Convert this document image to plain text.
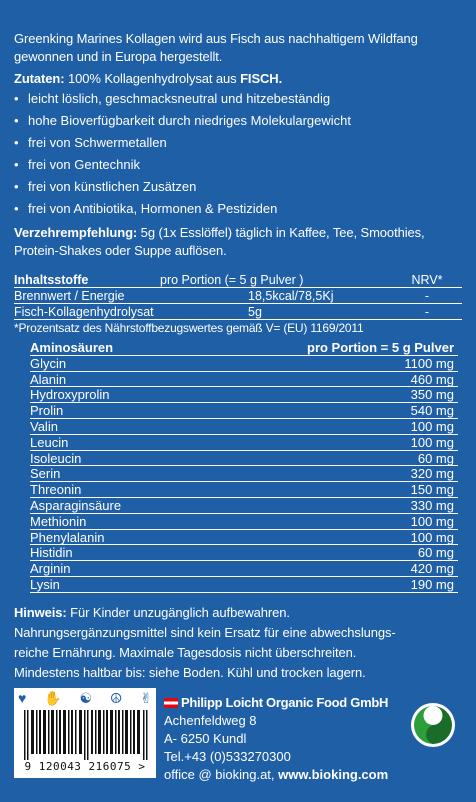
Greenking Marines Kollagen wird aus Fisch aus nachhaltigem Wildfang gewonnen und in Europa hergestellt.

Zutaten: 100% Kollagenhydrolysat aus FISCH.

• leicht löslich, geschmacksneutral und hitzebeständig
• hohe Bioverfügbarkeit durch niedriges Molekulargewicht
• frei von Schwermetallen
• frei von Gentechnik
• frei von künstlichen Zusätzen
• frei von Antibiotika, Hormonen & Pestiziden

Verzehrempfehlung: 5g (1x Esslöffel) täglich in Kaffee, Tee, Smoothies, Protein-Shakes oder Suppe auflösen.

Inhaltsstoffe	pro Portion (= 5 g Pulver )	NRV*
Brennwert / Energie	18,5kcal/78,5Kj	-
Fisch-Kollagenhydrolysat	5g	-
*Prozentsatz des Nährstoffbezugswertes gemäß V= (EU) 1169/2011
Aminosäuren	pro Portion = 5 g Pulver
Glycin	1100 mg
Alanin	460 mg
Hydroxyprolin	350 mg
Prolin	540 mg
Valin	100 mg
Leucin	100 mg
Isoleucin	60 mg
Serin	320 mg
Threonin	150 mg
Asparaginsäure	330 mg
Methionin	100 mg
Phenylalanin	100 mg
Histidin	60 mg
Arginin	420 mg
Lysin	190 mg

Hinweis: Für Kinder unzugänglich aufbewahren.

Nahrungsergänzungsmittel sind kein Ersatz für eine abwechslungs-

reiche Ernährung. Maximale Tagesdosis nicht überschreiten.

Mindestens haltbar bis: siehe Boden. Kühl und trocken lagern.

♥ ✋ ☯ ☮ ✌
9 120043 216075 >
Philipp Loicht Organic Food GmbH
Achenfeldweg 8
A- 6250 Kundl
Tel.+43 (0)533270300
office @ bioking.at, www.bioking.com
®
